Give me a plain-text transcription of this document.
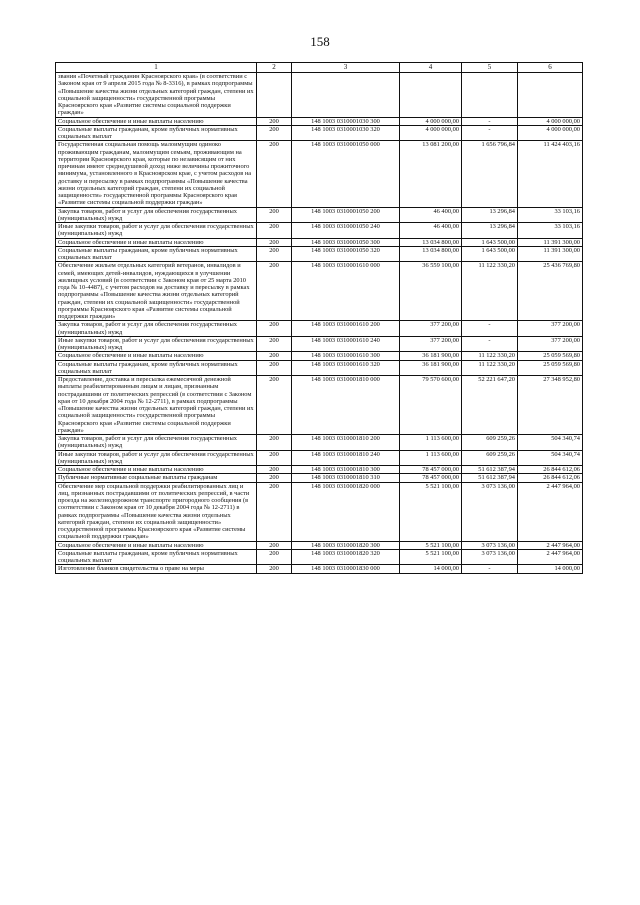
158
1	2	3	4	5	6
звания «Почетный гражданин Красноярского края» (в соответствии с Законом края от 9 апреля 2015 года № 8-3316), в рамках подпрограммы «Повышение качества жизни отдельных категорий граждан, степени их социальной защищенности» государственной программы Красноярского края «Развитие системы социальной поддержки граждан»					
Социальное обеспечение и иные выплаты населению	200	148 1003 0310001030 300	4 000 000,00	-	4 000 000,00
Социальные выплаты гражданам, кроме публичных нормативных социальных выплат	200	148 1003 0310001030 320	4 000 000,00	-	4 000 000,00
Государственная социальная помощь малоимущим одиноко проживающим гражданам, малоимущим семьям, проживающим на территории Красноярского края, которые по независящим от них причинам имеют среднедушевой доход ниже величины прожиточного минимума, установленного в Красноярском крае, с учетом расходов на доставку и пересылку в рамках подпрограммы «Повышение качества жизни отдельных категорий граждан, степени их социальной защищенности» государственной программы Красноярского края «Развитие системы социальной поддержки граждан»	200	148 1003 0310001050 000	13 081 200,00	1 656 796,84	11 424 403,16
Закупка товаров, работ и услуг для обеспечения государственных (муниципальных) нужд	200	148 1003 0310001050 200	46 400,00	13 296,84	33 103,16
Иные закупки товаров, работ и услуг для обеспечения государственных (муниципальных) нужд	200	148 1003 0310001050 240	46 400,00	13 296,84	33 103,16
Социальное обеспечение и иные выплаты населению	200	148 1003 0310001050 300	13 034 800,00	1 643 500,00	11 391 300,00
Социальные выплаты гражданам, кроме публичных нормативных социальных выплат	200	148 1003 0310001050 320	13 034 800,00	1 643 500,00	11 391 300,00
Обеспечение жильем отдельных категорий ветеранов, инвалидов и семей, имеющих детей-инвалидов, нуждающихся в улучшении жилищных условий (в соответствии с Законом края от 25 марта 2010 года № 10-4487), с учетом расходов на доставку и пересылку в рамках подпрограммы «Повышение качества жизни отдельных категорий граждан, степени их социальной защищенности» государственной программы Красноярского края «Развитие системы социальной поддержки граждан»	200	148 1003 0310001610 000	36 559 100,00	11 122 330,20	25 436 769,80
Закупка товаров, работ и услуг для обеспечения государственных (муниципальных) нужд	200	148 1003 0310001610 200	377 200,00	-	377 200,00
Иные закупки товаров, работ и услуг для обеспечения государственных (муниципальных) нужд	200	148 1003 0310001610 240	377 200,00	-	377 200,00
Социальное обеспечение и иные выплаты населению	200	148 1003 0310001610 300	36 181 900,00	11 122 330,20	25 059 569,80
Социальные выплаты гражданам, кроме публичных нормативных социальных выплат	200	148 1003 0310001610 320	36 181 900,00	11 122 330,20	25 059 569,80
Предоставление, доставка и пересылка ежемесячной денежной выплаты реабилитированным лицам и лицам, признанным пострадавшими от политических репрессий (в соответствии с Законом края от 10 декабря 2004 года № 12-2711), в рамках подпрограммы «Повышение качества жизни отдельных категорий граждан, степени их социальной защищенности» государственной программы Красноярского края «Развитие системы социальной поддержки граждан»	200	148 1003 0310001810 000	79 570 600,00	52 221 647,20	27 348 952,80
Закупка товаров, работ и услуг для обеспечения государственных (муниципальных) нужд	200	148 1003 0310001810 200	1 113 600,00	609 259,26	504 340,74
Иные закупки товаров, работ и услуг для обеспечения государственных (муниципальных) нужд	200	148 1003 0310001810 240	1 113 600,00	609 259,26	504 340,74
Социальное обеспечение и иные выплаты населению	200	148 1003 0310001810 300	78 457 000,00	51 612 387,94	26 844 612,06
Публичные нормативные социальные выплаты гражданам	200	148 1003 0310001810 310	78 457 000,00	51 612 387,94	26 844 612,06
Обеспечение мер социальной поддержки реабилитированных лиц и лиц, признанных пострадавшими от политических репрессий, в части проезда на железнодорожном транспорте пригородного сообщения (в соответствии с Законом края от 10 декабря 2004 года № 12-2711) в рамках подпрограммы «Повышение качества жизни отдельных категорий граждан, степени их социальной защищенности» государственной программы Красноярского края «Развитие системы социальной поддержки граждан»	200	148 1003 0310001820 000	5 521 100,00	3 073 136,00	2 447 964,00
Социальное обеспечение и иные выплаты населению	200	148 1003 0310001820 300	5 521 100,00	3 073 136,00	2 447 964,00
Социальные выплаты гражданам, кроме публичных нормативных социальных выплат	200	148 1003 0310001820 320	5 521 100,00	3 073 136,00	2 447 964,00
Изготовление бланков свидетельства о праве на меры	200	148 1003 0310001830 000	14 000,00	-	14 000,00
